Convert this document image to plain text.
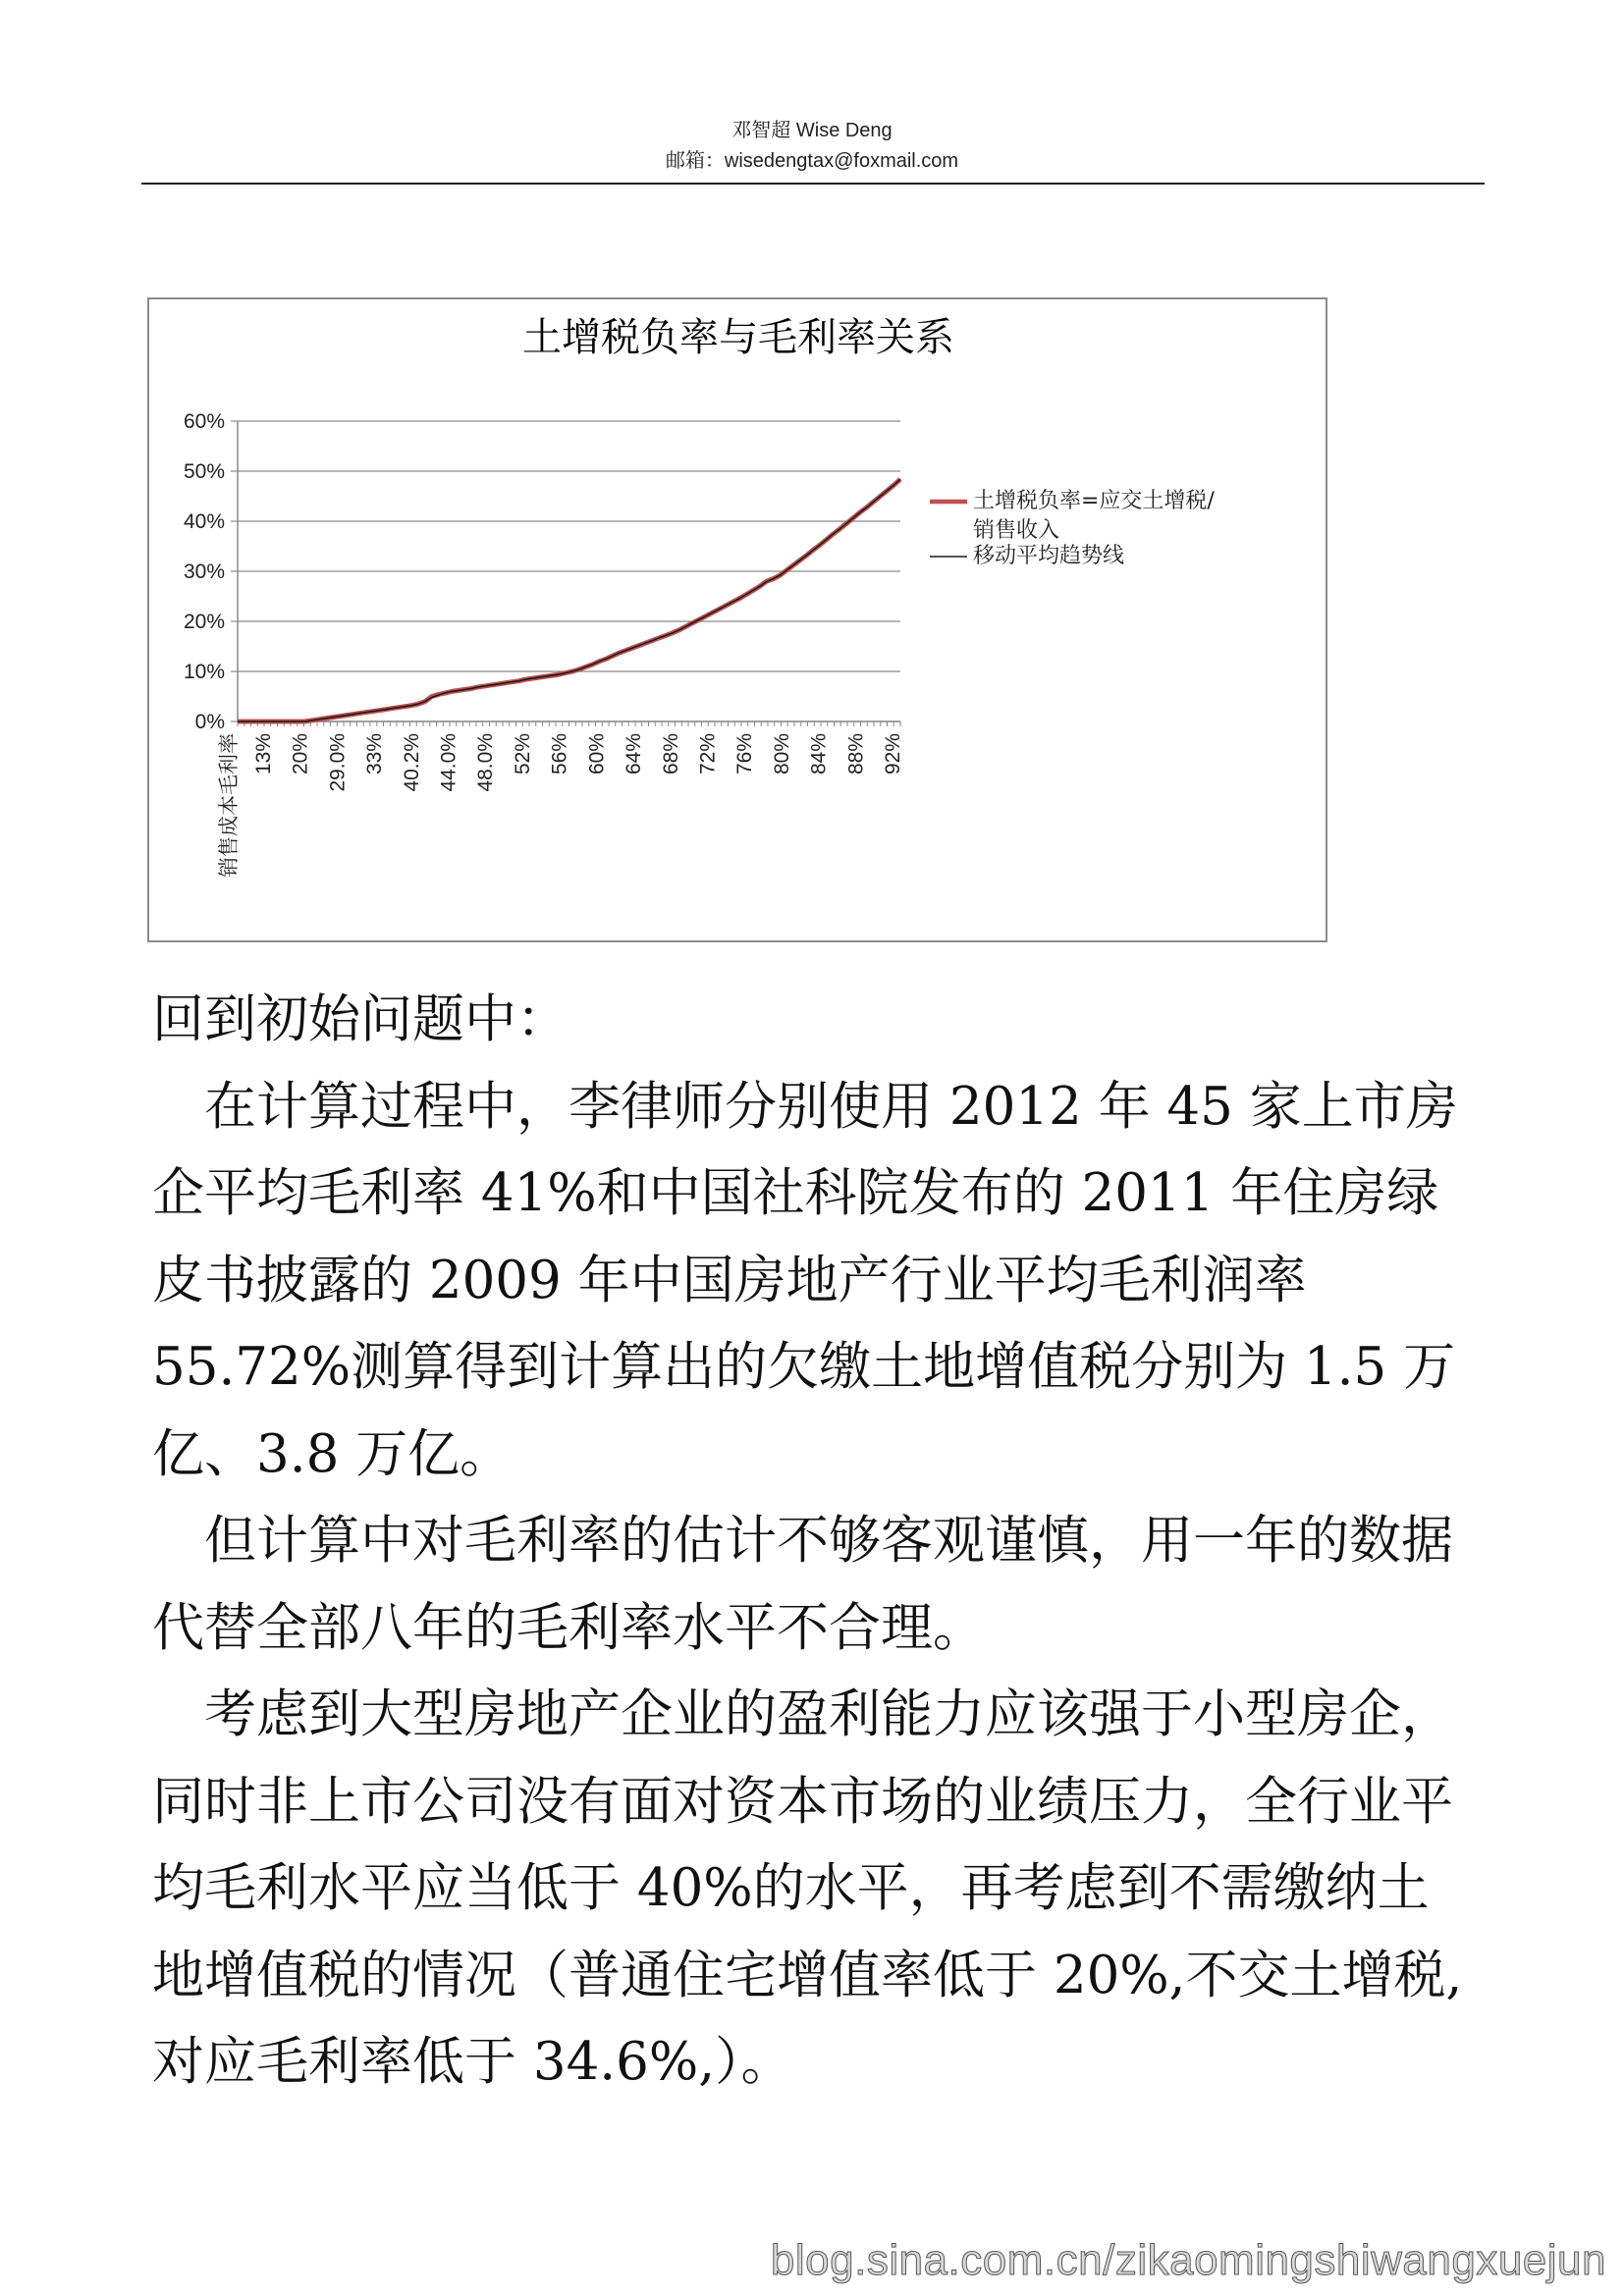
邓智超 Wise Deng
邮箱：wisedengtax@foxmail.com
土增税负率与毛利率关系
60%
50%
40%
30%
20%
10%
0%
销售成本毛利率 13% 20% 29.0% 33% 40.2% 44.0% 48.0% 52% 56% 60% 64% 68% 72% 76% 80% 84% 88% 92%
土增税负率=应交土增税/
销售收入
移动平均趋势线

回到初始问题中：

在计算过程中，李律师分别使用 2012 年 45 家上市房企平均毛利率 41%和中国社科院发布的 2011 年住房绿皮书披露的 2009 年中国房地产行业平均毛利润率 55.72%测算得到计算出的欠缴土地增值税分别为 1.5 万亿、3.8 万亿。

但计算中对毛利率的估计不够客观谨慎，用一年的数据代替全部八年的毛利率水平不合理。

考虑到大型房地产企业的盈利能力应该强于小型房企，同时非上市公司没有面对资本市场的业绩压力，全行业平均毛利水平应当低于 40%的水平，再考虑到不需缴纳土地增值税的情况（普通住宅增值率低于 20%,不交土增税,对应毛利率低于 34.6%,）。

blog.sina.com.cn/zikaomingshiwangxuejun
